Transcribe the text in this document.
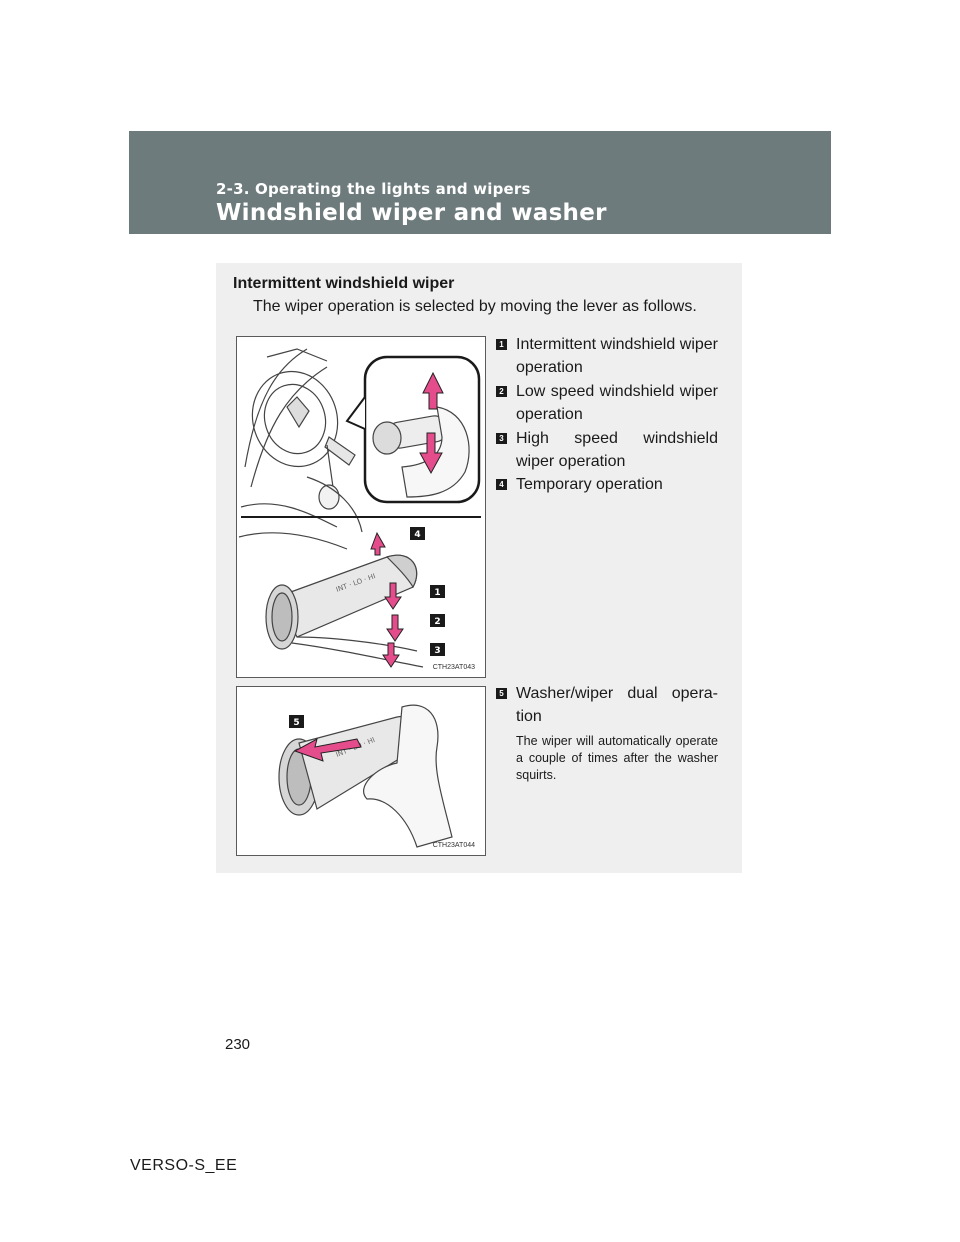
2-3. Operating the lights and wipers
Windshield wiper and washer
Intermittent windshield wiper

The wiper operation is selected by moving the lever as follows.

INT · LO · HI
4
1
2
3
CTH23AT043
INT · · HI
5
CTH23AT044
1 Intermittent windshield wiper operation
2 Low speed windshield wiper operation
3 High speed windshield wiper operation
4 Temporary operation
5 Washer/wiper dual opera-tion

The wiper will automatically operate a couple of times after the washer squirts.

230

VERSO-S_EE
